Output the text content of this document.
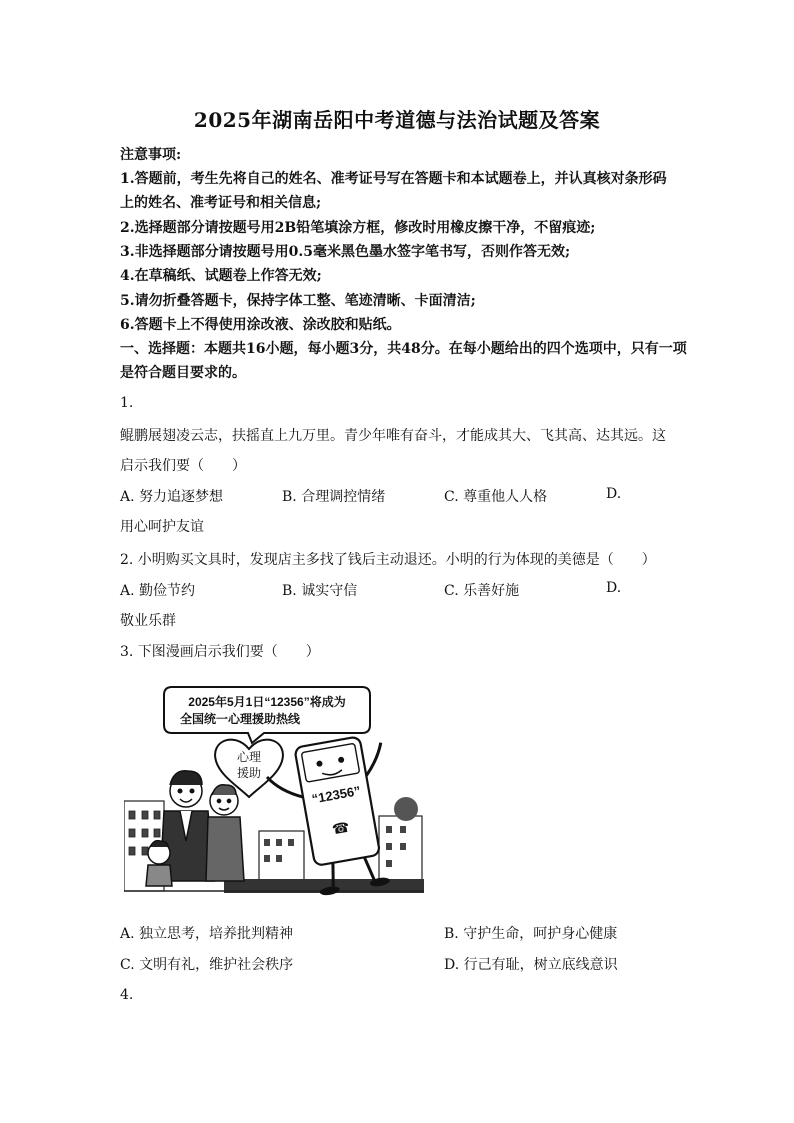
2025年湖南岳阳中考道德与法治试题及答案
注意事项:
1.答题前，考生先将自己的姓名、准考证号写在答题卡和本试题卷上，并认真核对条形码
上的姓名、准考证号和相关信息;
2.选择题部分请按题号用2B铅笔填涂方框，修改时用橡皮擦干净，不留痕迹;
3.非选择题部分请按题号用0.5毫米黑色墨水签字笔书写，否则作答无效;
4.在草稿纸、试题卷上作答无效;
5.请勿折叠答题卡，保持字体工整、笔迹清晰、卡面清洁;
6.答题卡上不得使用涂改液、涂改胶和贴纸。
一、选择题：本题共16小题，每小题3分，共48分。在每小题给出的四个选项中，只有一项
是符合题目要求的。
1.
鲲鹏展翅凌云志，扶摇直上九万里。青少年唯有奋斗，才能成其大、飞其高、达其远。这
启示我们要（　　）
A. 努力追逐梦想	B. 合理调控情绪	C. 尊重他人人格	D.
用心呵护友谊
2. 小明购买文具时，发现店主多找了钱后主动退还。小明的行为体现的美德是（　　）
A. 勤俭节约	B. 诚实守信	C. 乐善好施	D.
敬业乐群
3. 下图漫画启示我们要（　　）
2025年5月1日“12356”将成为
全国统一心理援助热线
心理
援助
“12356”
☎
A. 独立思考，培养批判精神	B. 守护生命，呵护身心健康
C. 文明有礼，维护社会秩序	D. 行己有耻，树立底线意识
4.
